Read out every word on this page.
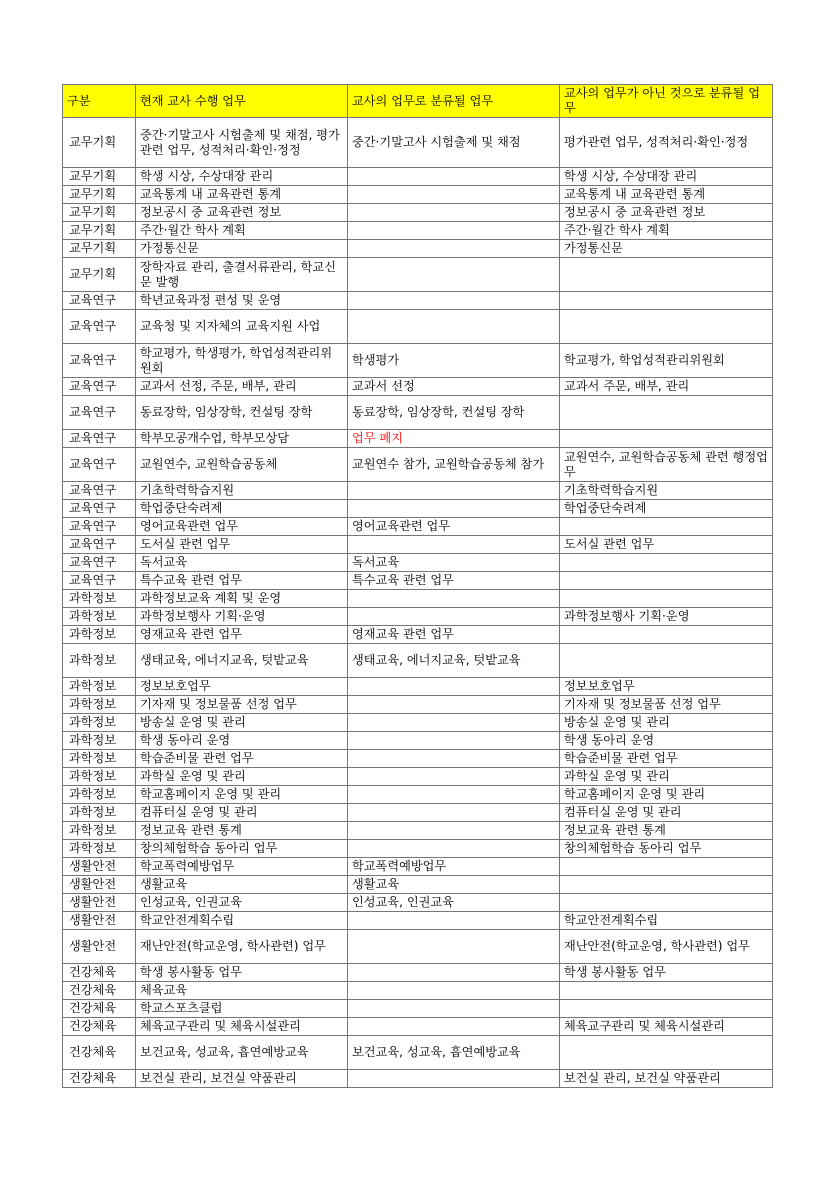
구분	현재 교사 수행 업무	교사의 업무로 분류될 업무	교사의 업무가 아닌 것으로 분류될 업무
교무기획	중간·기말고사 시험출제 및 채점, 평가관련 업무, 성적처리·확인·정정	중간·기말고사 시험출제 및 채점	평가관련 업무, 성적처리·확인·정정
교무기획	학생 시상, 수상대장 관리		학생 시상, 수상대장 관리
교무기획	교육통계 내 교육관련 통계		교육통계 내 교육관련 통계
교무기획	정보공시 중 교육관련 정보		정보공시 중 교육관련 정보
교무기획	주간·월간 학사 계획		주간·월간 학사 계획
교무기획	가정통신문		가정통신문
교무기획	장학자료 관리, 출결서류관리, 학교신문 발행		
교육연구	학년교육과정 편성 및 운영		
교육연구	교육청 및 지자체의 교육지원 사업		
교육연구	학교평가, 학생평가, 학업성적관리위원회	학생평가	학교평가, 학업성적관리위원회
교육연구	교과서 선정, 주문, 배부, 관리	교과서 선정	교과서 주문, 배부, 관리
교육연구	동료장학, 임상장학, 컨설팅 장학	동료장학, 임상장학, 컨설팅 장학	
교육연구	학부모공개수업, 학부모상담	업무 폐지	
교육연구	교원연수, 교원학습공동체	교원연수 참가, 교원학습공동체 참가	교원연수, 교원학습공동체 관련 행정업무
교육연구	기초학력학습지원		기초학력학습지원
교육연구	학업중단숙려제		학업중단숙려제
교육연구	영어교육관련 업무	영어교육관련 업무	
교육연구	도서실 관련 업무		도서실 관련 업무
교육연구	독서교육	독서교육	
교육연구	특수교육 관련 업무	특수교육 관련 업무	
과학정보	과학정보교육 계획 및 운영		
과학정보	과학정보행사 기획·운영		과학정보행사 기획·운영
과학정보	영재교육 관련 업무	영재교육 관련 업무	
과학정보	생태교육, 에너지교육, 텃밭교육	생태교육, 에너지교육, 텃밭교육	
과학정보	정보보호업무		정보보호업무
과학정보	기자재 및 정보물품 선정 업무		기자재 및 정보물품 선정 업무
과학정보	방송실 운영 및 관리		방송실 운영 및 관리
과학정보	학생 동아리 운영		학생 동아리 운영
과학정보	학습준비물 관련 업무		학습준비물 관련 업무
과학정보	과학실 운영 및 관리		과학실 운영 및 관리
과학정보	학교홈페이지 운영 및 관리		학교홈페이지 운영 및 관리
과학정보	컴퓨터실 운영 및 관리		컴퓨터실 운영 및 관리
과학정보	정보교육 관련 통계		정보교육 관련 통계
과학정보	창의체험학습 동아리 업무		창의체험학습 동아리 업무
생활안전	학교폭력예방업무	학교폭력예방업무	
생활안전	생활교육	생활교육	
생활안전	인성교육, 인권교육	인성교육, 인권교육	
생활안전	학교안전계획수립		학교안전계획수립
생활안전	재난안전(학교운영, 학사관련) 업무		재난안전(학교운영, 학사관련) 업무
건강체육	학생 봉사활동 업무		학생 봉사활동 업무
건강체육	체육교육		
건강체육	학교스포츠클럽		
건강체육	체육교구관리 및 체육시설관리		체육교구관리 및 체육시설관리
건강체육	보건교육, 성교육, 흡연예방교육	보건교육, 성교육, 흡연예방교육	
건강체육	보건실 관리, 보건실 약품관리		보건실 관리, 보건실 약품관리
